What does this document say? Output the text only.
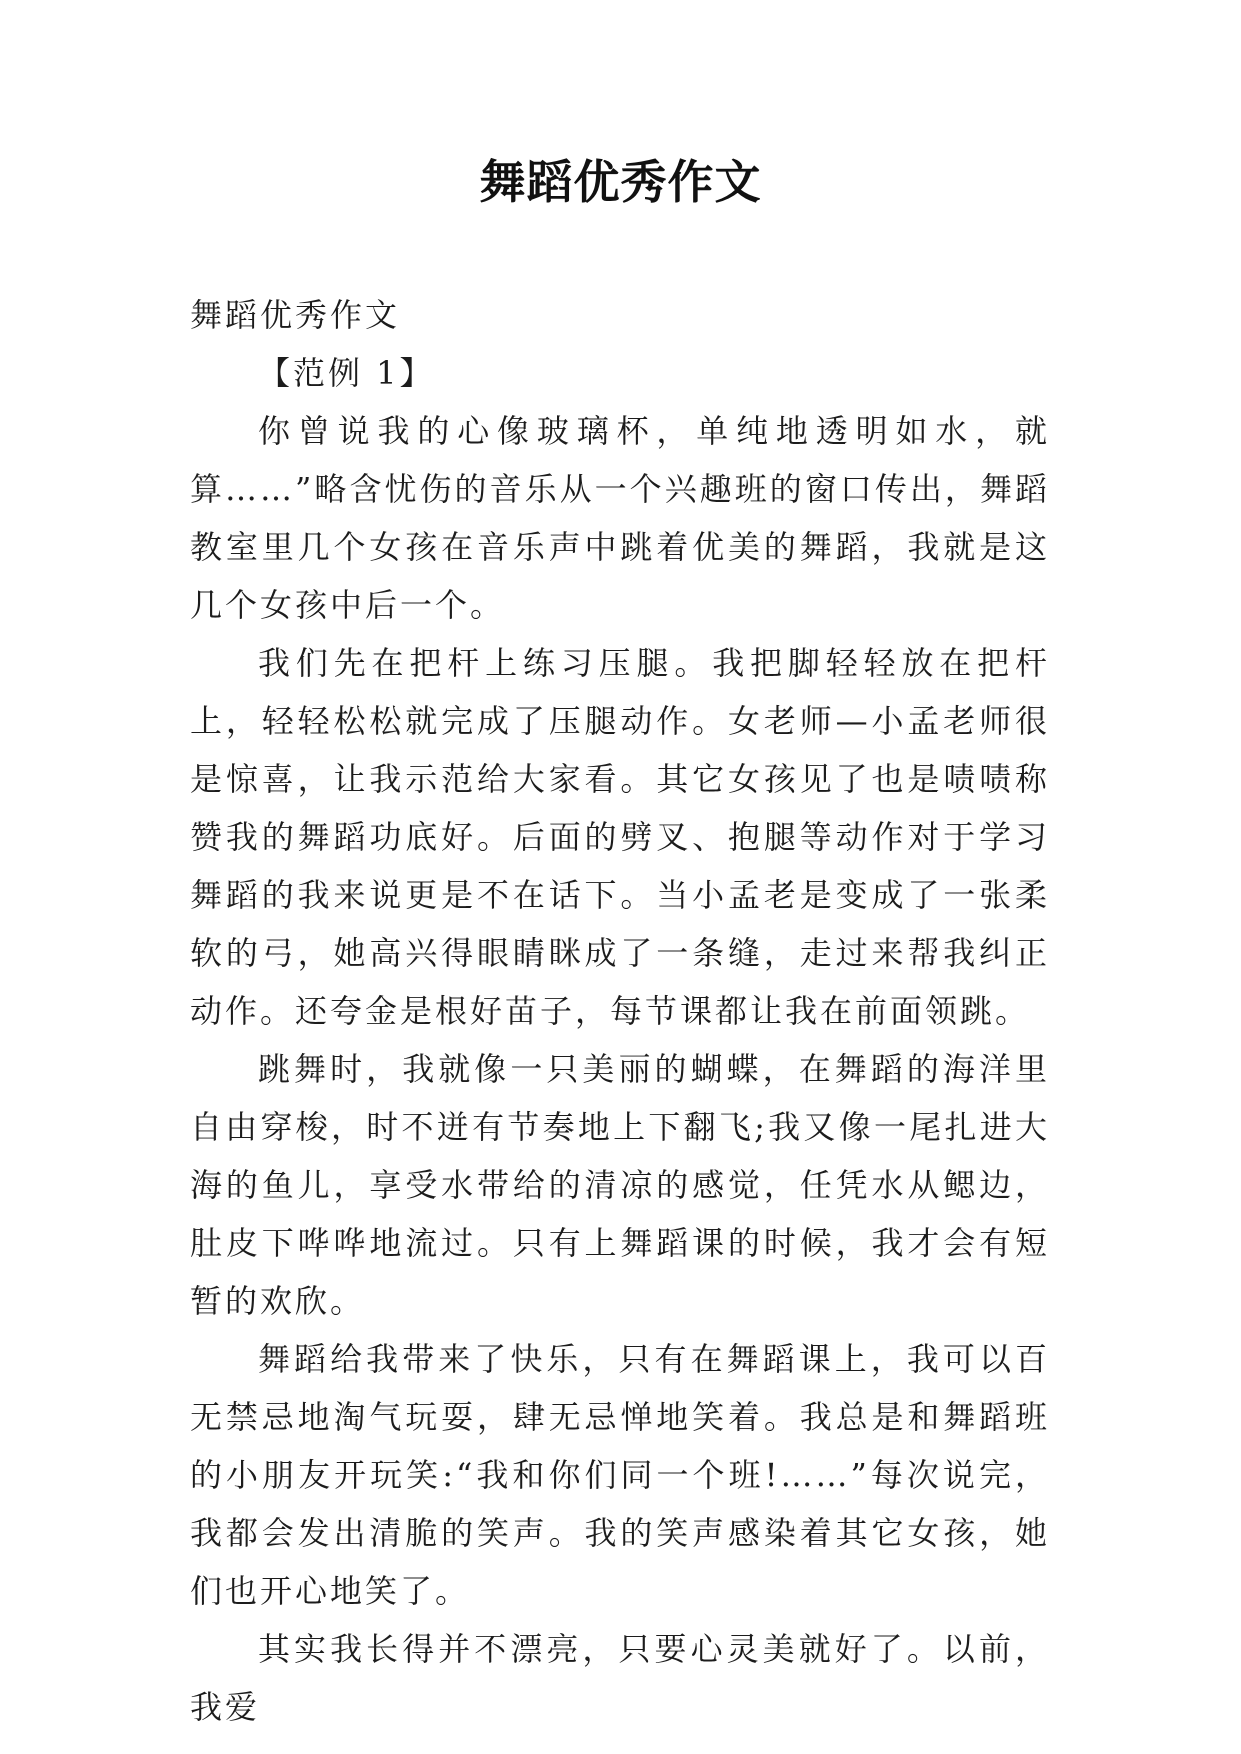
舞蹈优秀作文

舞蹈优秀作文

【范例 1】

你曾说我的心像玻璃杯，单纯地透明如水，就算……”略含忧伤的音乐从一个兴趣班的窗口传出，舞蹈教室里几个女孩在音乐声中跳着优美的舞蹈，我就是这几个女孩中后一个。

我们先在把杆上练习压腿。我把脚轻轻放在把杆上，轻轻松松就完成了压腿动作。女老师—小孟老师很是惊喜，让我示范给大家看。其它女孩见了也是啧啧称赞我的舞蹈功底好。后面的劈叉、抱腿等动作对于学习舞蹈的我来说更是不在话下。当小孟老是变成了一张柔软的弓，她高兴得眼睛眯成了一条缝，走过来帮我纠正动作。还夸金是根好苗子，每节课都让我在前面领跳。

跳舞时，我就像一只美丽的蝴蝶，在舞蹈的海洋里自由穿梭，时不迸有节奏地上下翻飞;我又像一尾扎进大海的鱼儿，享受水带给的清凉的感觉，任凭水从鳃边，肚皮下哗哗地流过。只有上舞蹈课的时候，我才会有短暂的欢欣。

舞蹈给我带来了快乐，只有在舞蹈课上，我可以百无禁忌地淘气玩耍，肆无忌惮地笑着。我总是和舞蹈班的小朋友开玩笑:“我和你们同一个班!……”每次说完，我都会发出清脆的笑声。我的笑声感染着其它女孩，她们也开心地笑了。

其实我长得并不漂亮，只要心灵美就好了。以前，我爱
